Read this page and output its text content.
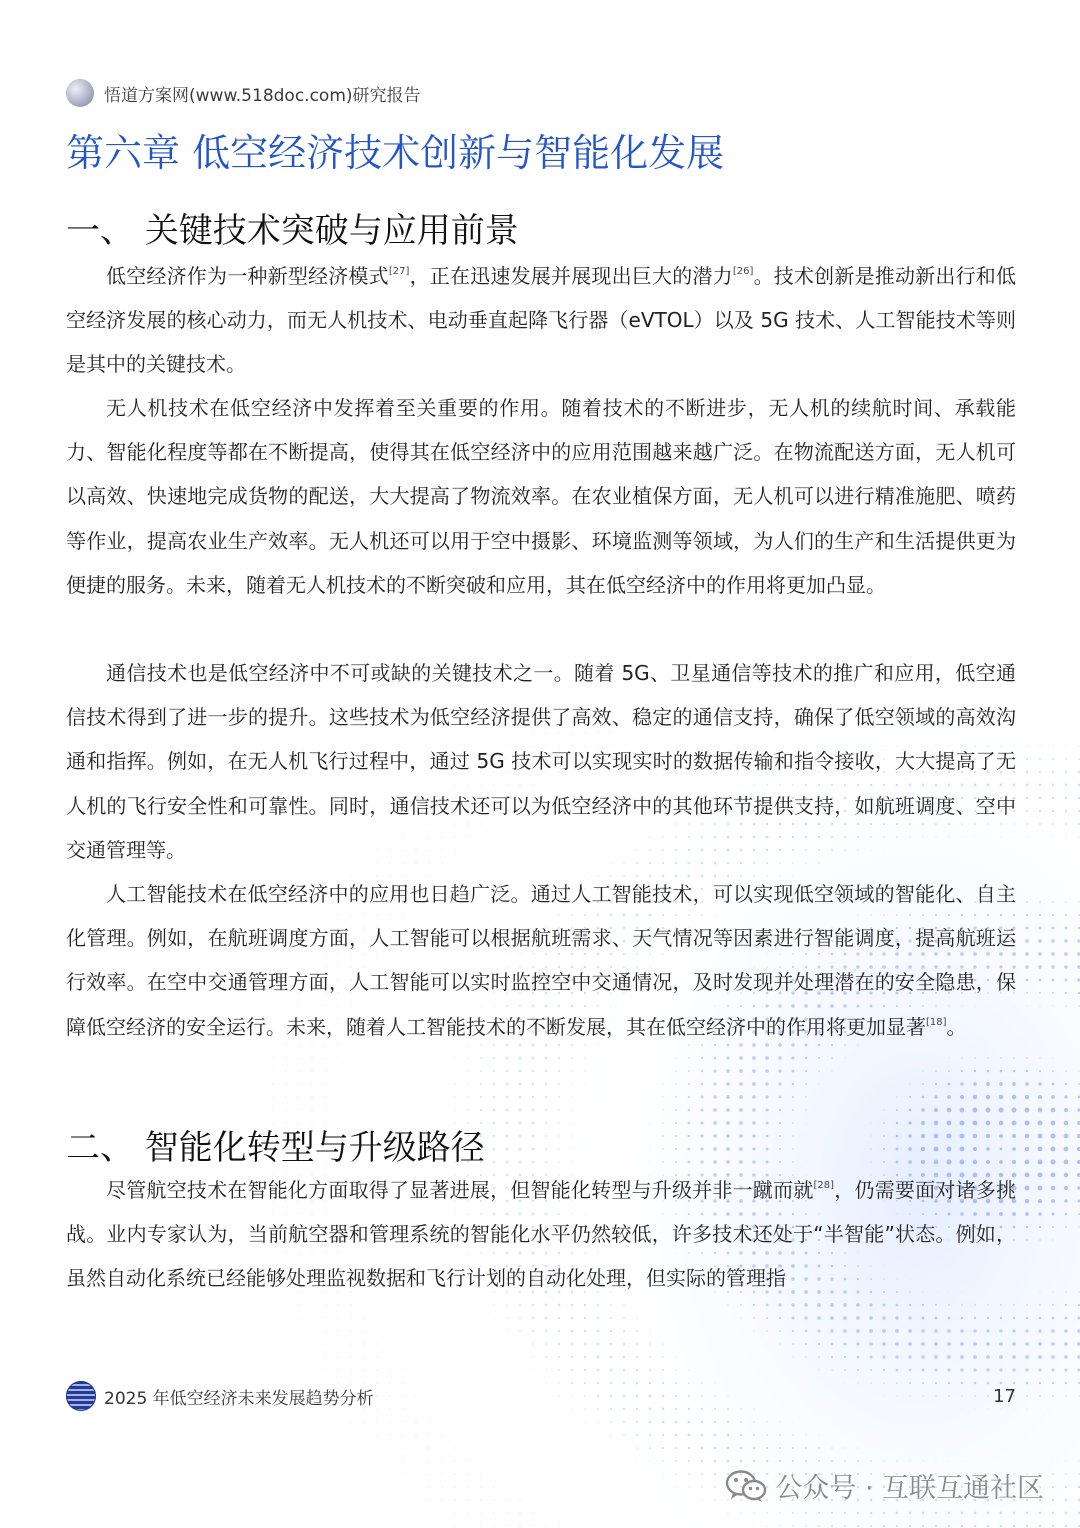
悟道方案网(www.518doc.com)研究报告
第六章 低空经济技术创新与智能化发展
一、 关键技术突破与应用前景

低空经济作为一种新型经济模式[27]，正在迅速发展并展现出巨大的潜力[26]。技术创新是推动新出行和低空经济发展的核心动力，而无人机技术、电动垂直起降飞行器（eVTOL）以及 5G 技术、人工智能技术等则是其中的关键技术。

无人机技术在低空经济中发挥着至关重要的作用。随着技术的不断进步，无人机的续航时间、承载能力、智能化程度等都在不断提高，使得其在低空经济中的应用范围越来越广泛。在物流配送方面，无人机可以高效、快速地完成货物的配送，大大提高了物流效率。在农业植保方面，无人机可以进行精准施肥、喷药等作业，提高农业生产效率。无人机还可以用于空中摄影、环境监测等领域，为人们的生产和生活提供更为便捷的服务。未来，随着无人机技术的不断突破和应用，其在低空经济中的作用将更加凸显。

通信技术也是低空经济中不可或缺的关键技术之一。随着 5G、卫星通信等技术的推广和应用，低空通信技术得到了进一步的提升。这些技术为低空经济提供了高效、稳定的通信支持，确保了低空领域的高效沟通和指挥。例如，在无人机飞行过程中，通过 5G 技术可以实现实时的数据传输和指令接收，大大提高了无人机的飞行安全性和可靠性。同时，通信技术还可以为低空经济中的其他环节提供支持，如航班调度、空中交通管理等。

人工智能技术在低空经济中的应用也日趋广泛。通过人工智能技术，可以实现低空领域的智能化、自主化管理。例如，在航班调度方面，人工智能可以根据航班需求、天气情况等因素进行智能调度，提高航班运行效率。在空中交通管理方面，人工智能可以实时监控空中交通情况，及时发现并处理潜在的安全隐患，保障低空经济的安全运行。未来，随着人工智能技术的不断发展，其在低空经济中的作用将更加显著[18]。

二、 智能化转型与升级路径

尽管航空技术在智能化方面取得了显著进展，但智能化转型与升级并非一蹴而就[28]，仍需要面对诸多挑战。业内专家认为，当前航空器和管理系统的智能化水平仍然较低，许多技术还处于“半智能”状态。例如，虽然自动化系统已经能够处理监视数据和飞行计划的自动化处理，但实际的管理指

2025 年低空经济未来发展趋势分析	17
公众号 · 互联互通社区
